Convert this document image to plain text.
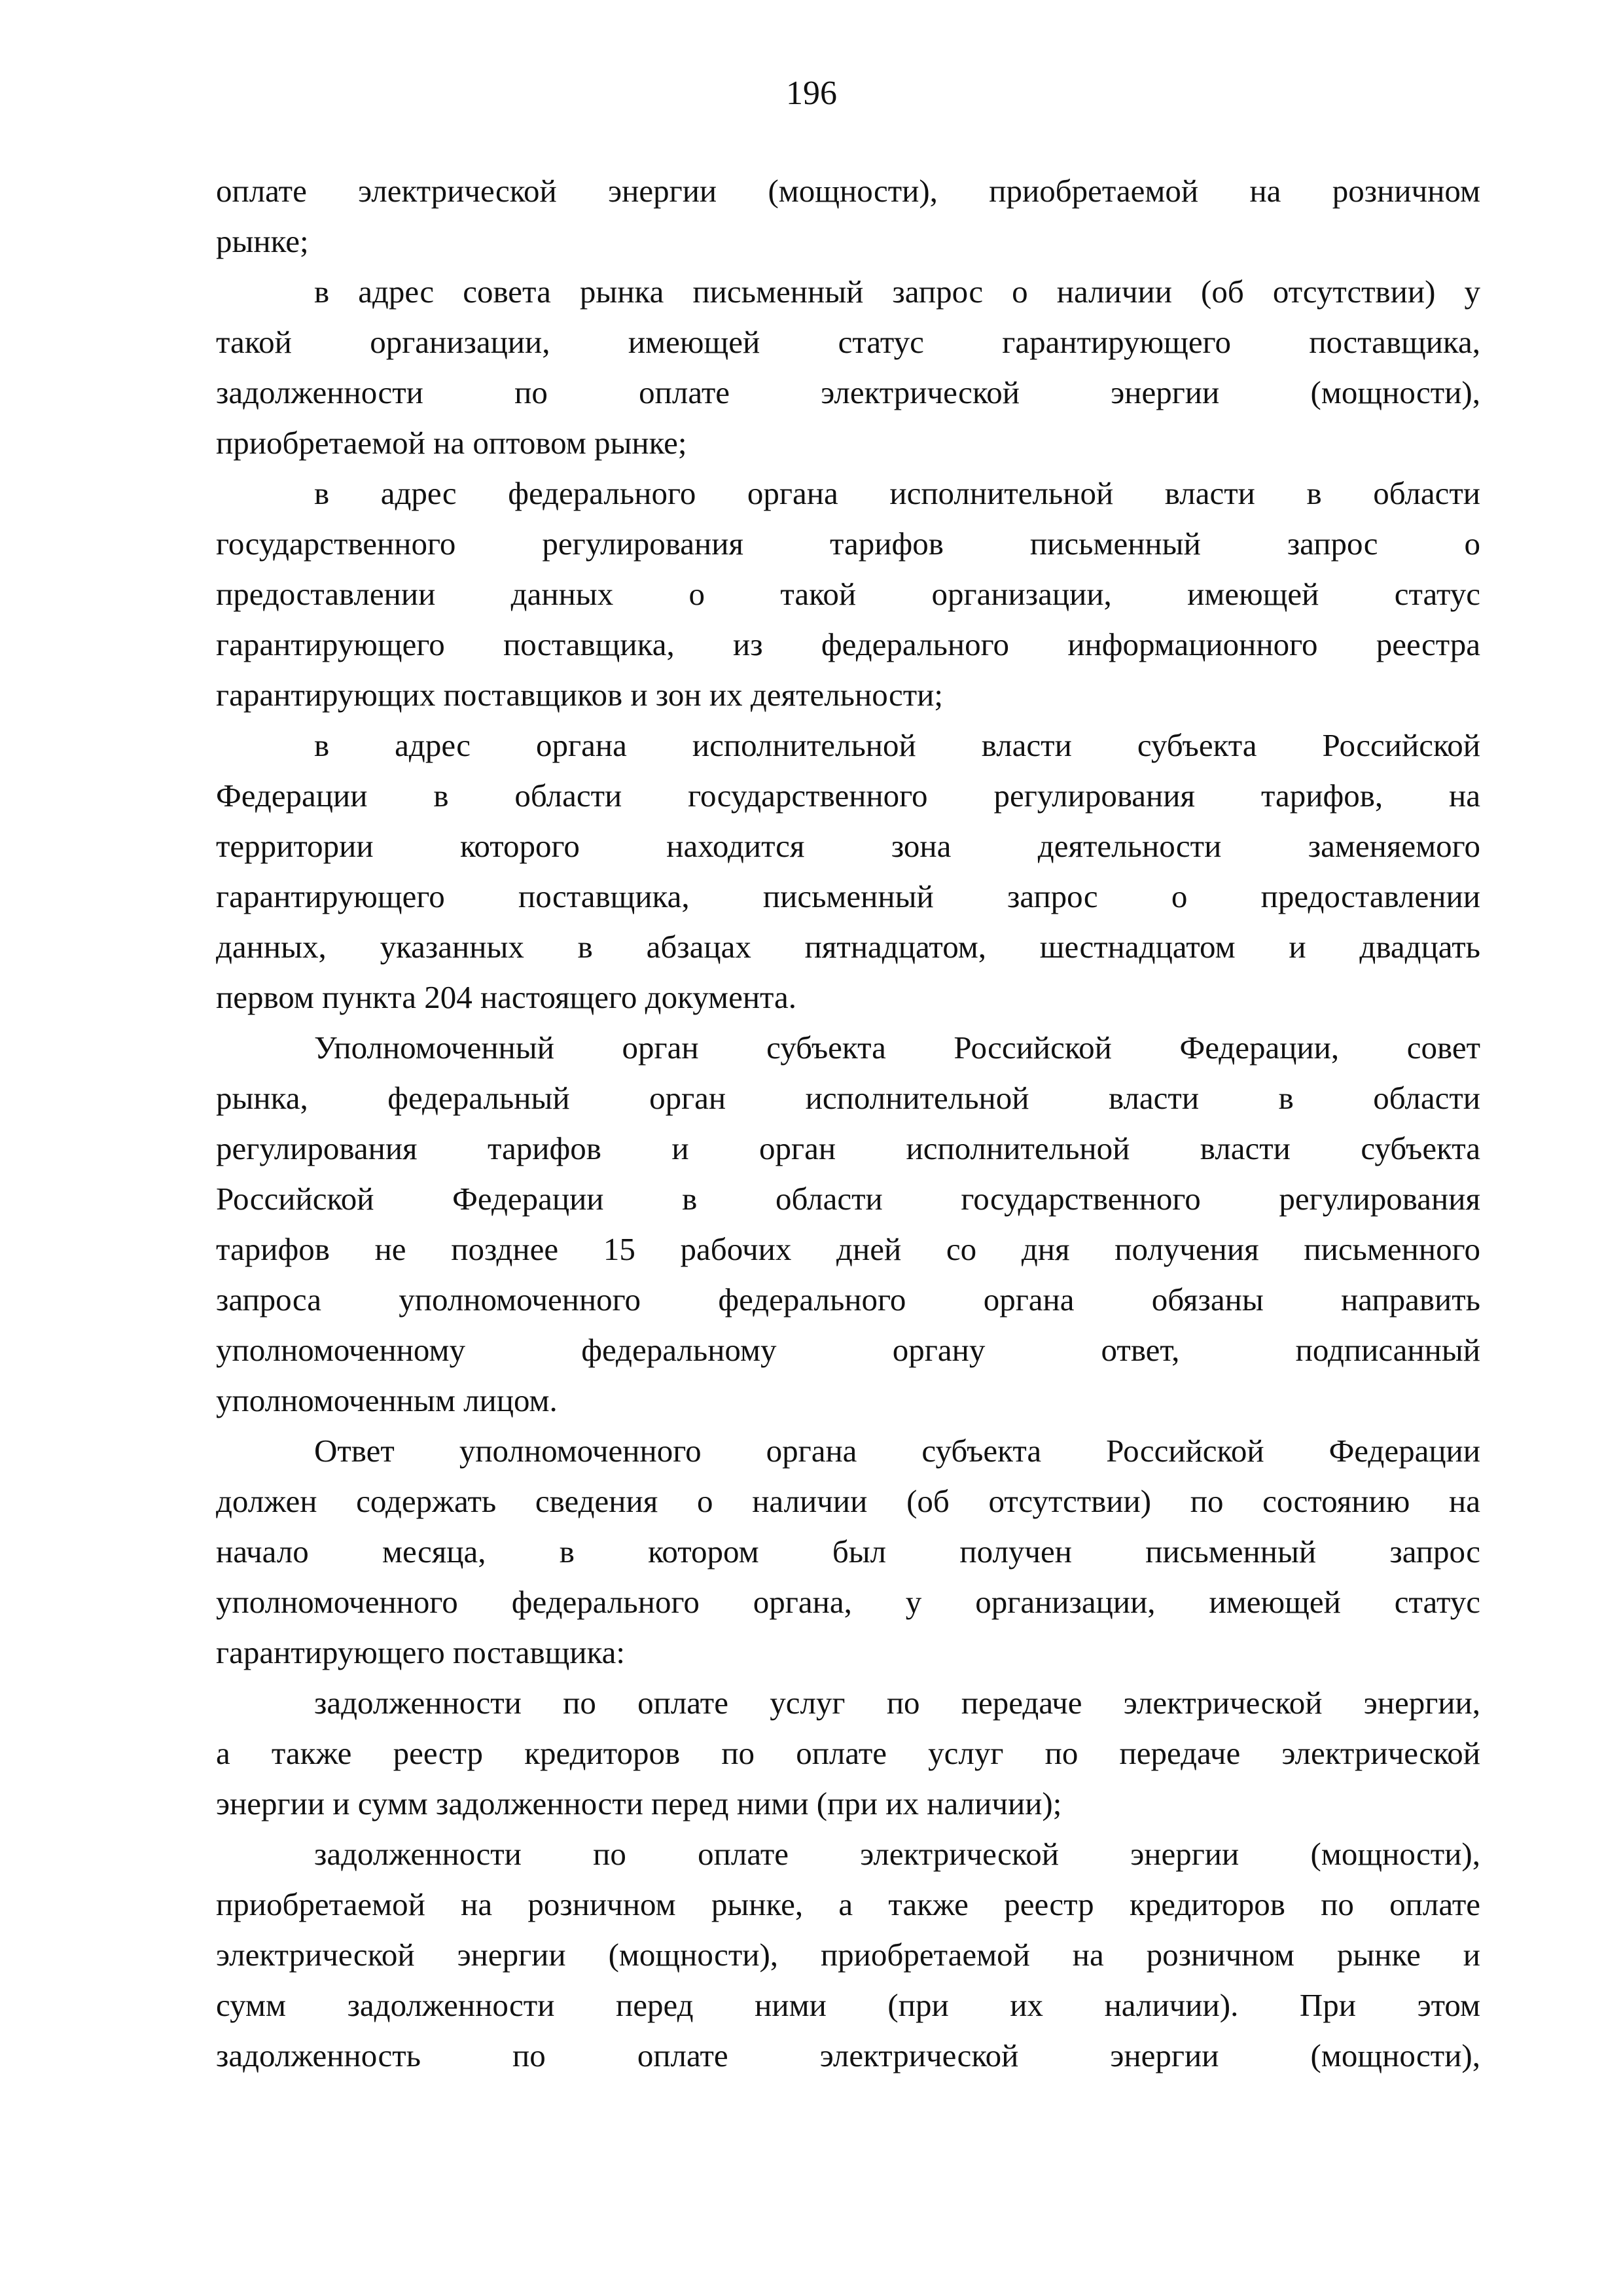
196
оплате электрической энергии (мощности), приобретаемой на розничном
рынке;
в адрес совета рынка письменный запрос о наличии (об отсутствии) у
такой организации, имеющей статус гарантирующего поставщика,
задолженности по оплате электрической энергии (мощности),
приобретаемой на оптовом рынке;
в адрес федерального органа исполнительной власти в области
государственного регулирования тарифов письменный запрос о
предоставлении данных о такой организации, имеющей статус
гарантирующего поставщика, из федерального информационного реестра
гарантирующих поставщиков и зон их деятельности;
в адрес органа исполнительной власти субъекта Российской
Федерации в области государственного регулирования тарифов, на
территории которого находится зона деятельности заменяемого
гарантирующего поставщика, письменный запрос о предоставлении
данных, указанных в абзацах пятнадцатом, шестнадцатом и двадцать
первом пункта 204 настоящего документа.
Уполномоченный орган субъекта Российской Федерации, совет
рынка, федеральный орган исполнительной власти в области
регулирования тарифов и орган исполнительной власти субъекта
Российской Федерации в области государственного регулирования
тарифов не позднее 15 рабочих дней со дня получения письменного
запроса уполномоченного федерального органа обязаны направить
уполномоченному федеральному органу ответ, подписанный
уполномоченным лицом.
Ответ уполномоченного органа субъекта Российской Федерации
должен содержать сведения о наличии (об отсутствии) по состоянию на
начало месяца, в котором был получен письменный запрос
уполномоченного федерального органа, у организации, имеющей статус
гарантирующего поставщика:
задолженности по оплате услуг по передаче электрической энергии,
а также реестр кредиторов по оплате услуг по передаче электрической
энергии и сумм задолженности перед ними (при их наличии);
задолженности по оплате электрической энергии (мощности),
приобретаемой на розничном рынке, а также реестр кредиторов по оплате
электрической энергии (мощности), приобретаемой на розничном рынке и
сумм задолженности перед ними (при их наличии). При этом
задолженность по оплате электрической энергии (мощности),
